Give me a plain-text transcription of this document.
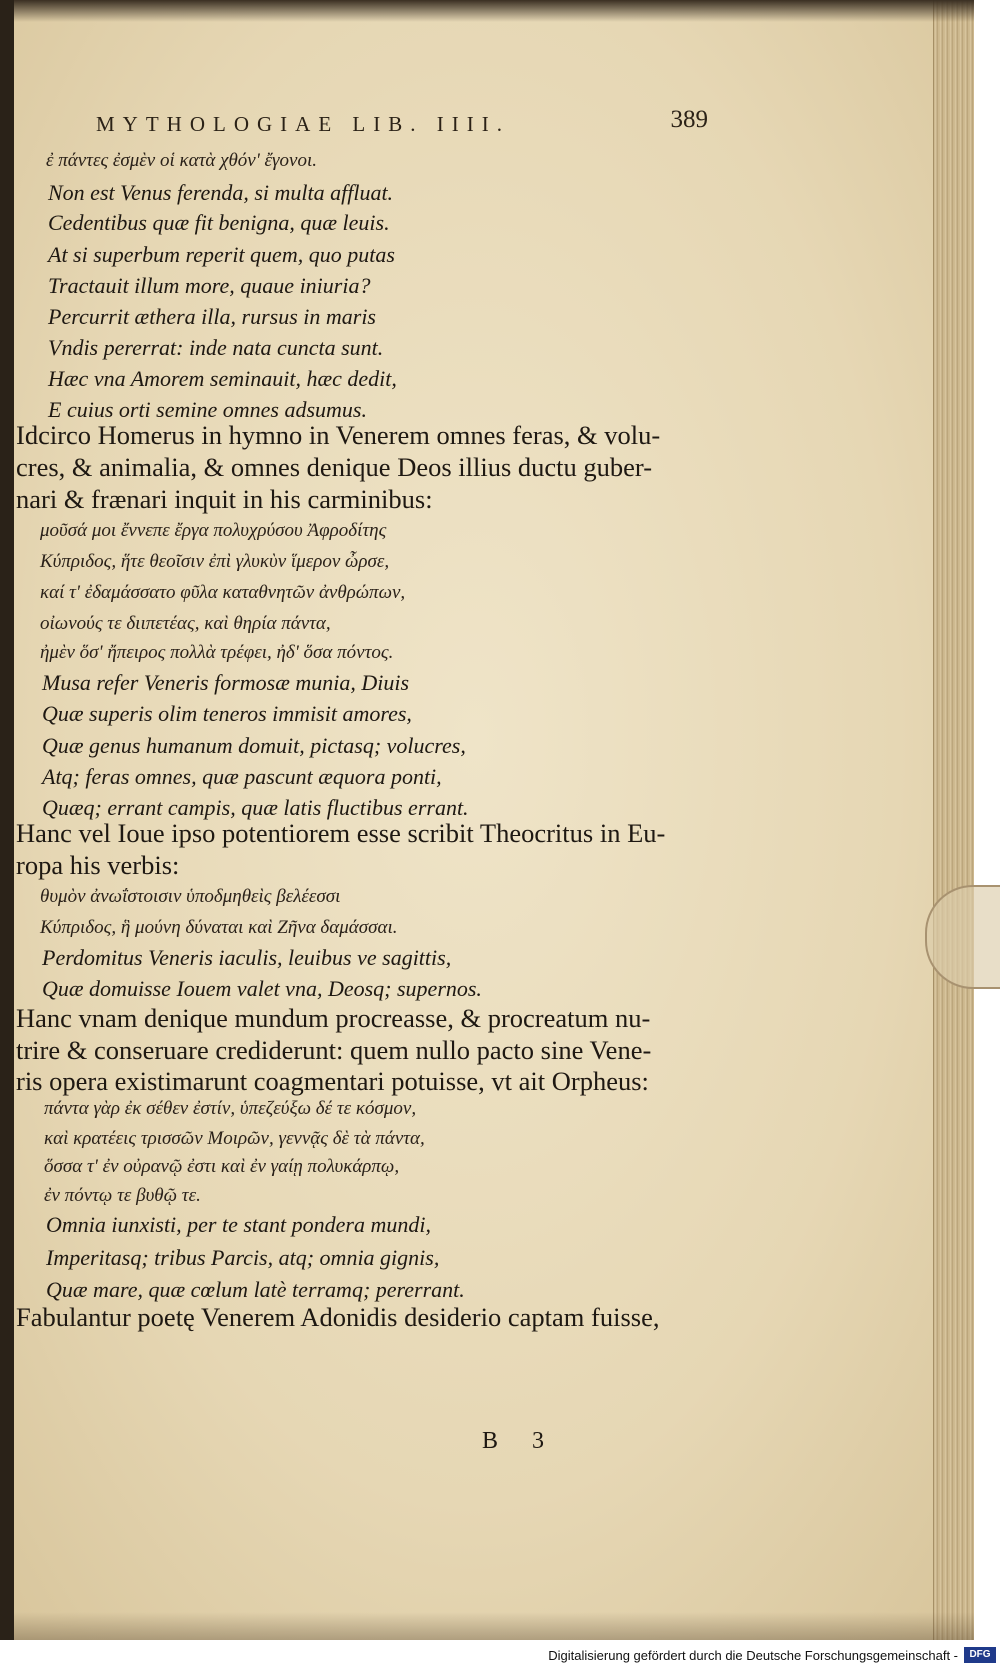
MYTHOLOGIAE LIB. IIII.	389
ἐ πάντες ἐσμὲν οἱ κατὰ χθόν' ἔγονοι.
Non est Venus ferenda, si multa affluat.
Cedentibus quæ fit benigna, quæ leuis.
At si superbum reperit quem, quo putas
Tractauit illum more, quaue iniuria?
Percurrit æthera illa, rursus in maris
Vndis pererrat: inde nata cuncta sunt.
Hæc vna Amorem seminauit, hæc dedit,
E cuius orti semine omnes adsumus.
Idcirco Homerus in hymno in Venerem omnes feras, & volu-
cres, & animalia, & omnes denique Deos illius ductu guber-
nari & frænari inquit in his carminibus:
μοῦσά μοι ἔννεπε ἔργα πολυχρύσου Ἀφροδίτης
Κύπριδος, ἥτε θεοῖσιν ἐπὶ γλυκὺν ἵμερον ὦρσε,
καί τ' ἐδαμάσσατο φῦλα καταθνητῶν ἀνθρώπων,
οἰωνούς τε διιπετέας, καὶ θηρία πάντα,
ἠμὲν ὅσ' ἤπειρος πολλὰ τρέφει, ἠδ' ὅσα πόντος.
Musa refer Veneris formosæ munia, Diuis
Quæ superis olim teneros immisit amores,
Quæ genus humanum domuit, pictasq; volucres,
Atq; feras omnes, quæ pascunt æquora ponti,
Quæq; errant campis, quæ latis fluctibus errant.
Hanc vel Ioue ipso potentiorem esse scribit Theocritus in Eu-
ropa his verbis:
θυμὸν ἀνωΐστοισιν ὑποδμηθεὶς βελέεσσι
Κύπριδος, ἣ μούνη δύναται καὶ Ζῆνα δαμάσσαι.
Perdomitus Veneris iaculis, leuibus ve sagittis,
Quæ domuisse Iouem valet vna, Deosq; supernos.
Hanc vnam denique mundum procreasse, & procreatum nu-
trire & conseruare crediderunt: quem nullo pacto sine Vene-
ris opera existimarunt coagmentari potuisse, vt ait Orpheus:
πάντα γὰρ ἐκ σέθεν ἐστίν, ὑπεζεύξω δέ τε κόσμον,
καὶ κρατέεις τρισσῶν Μοιρῶν, γεννᾷς δὲ τὰ πάντα,
ὅσσα τ' ἐν οὐρανῷ ἐστι καὶ ἐν γαίῃ πολυκάρπῳ,
ἐν πόντῳ τε βυθῷ τε.
Omnia iunxisti, per te stant pondera mundi,
Imperitasq; tribus Parcis, atq; omnia gignis,
Quæ mare, quæ cœlum latè terramq; pererrant.
Fabulantur poetę Venerem Adonidis desiderio captam fuisse,
B 3
Digitalisierung gefördert durch die Deutsche Forschungsgemeinschaft -	DFG
